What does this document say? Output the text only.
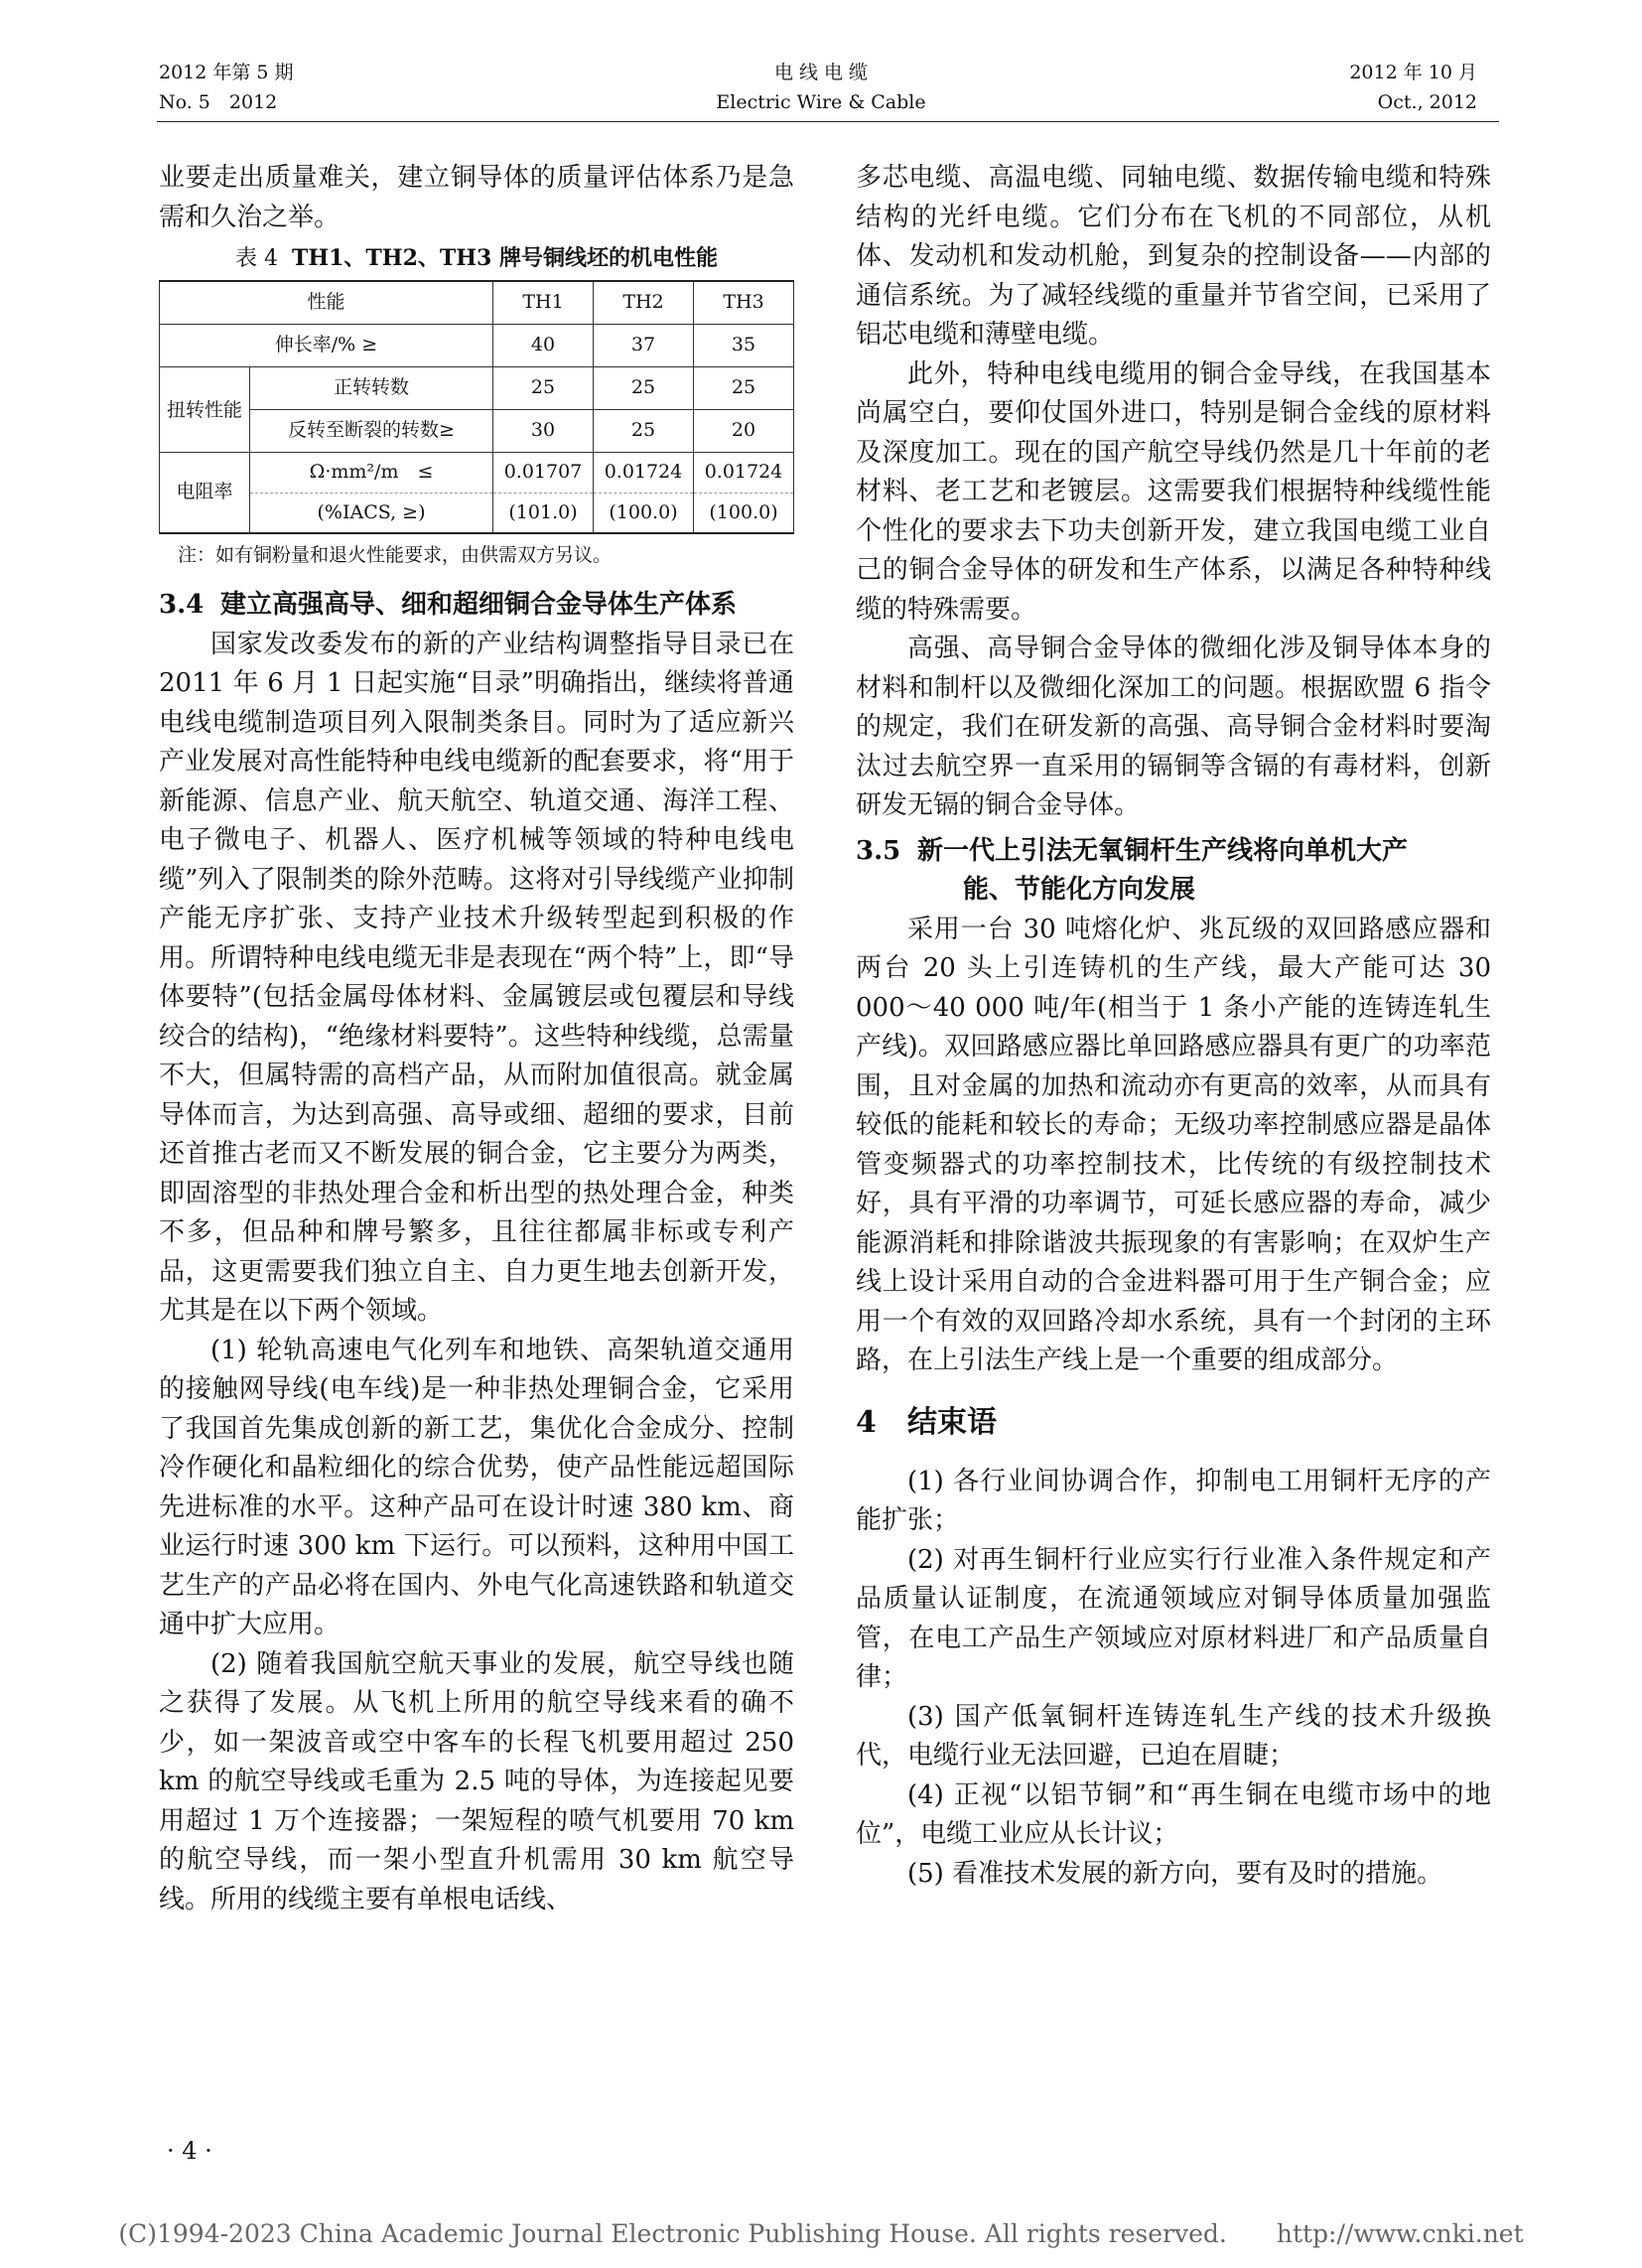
2012 年第 5 期
No. 5　2012
电 线 电 缆
Electric Wire & Cable
2012 年 10 月
Oct., 2012

业要走出质量难关，建立铜导体的质量评估体系乃是急需和久治之举。

表 4 TH1、TH2、TH3 牌号铜线坯的机电性能
性能		TH1	TH2	TH3
伸长率/% ≥		40	37	35
扭转性能	正转转数	25	25	25
	反转至断裂的转数≥	30	25	20
电阻率	Ω·mm²/m　≤	0.01707	0.01724	0.01724
	(%IACS, ≥)	(101.0)	(100.0)	(100.0)
注：如有铜粉量和退火性能要求，由供需双方另议。
3.4 建立高强高导、细和超细铜合金导体生产体系

国家发改委发布的新的产业结构调整指导目录已在 2011 年 6 月 1 日起实施“目录”明确指出，继续将普通电线电缆制造项目列入限制类条目。同时为了适应新兴产业发展对高性能特种电线电缆新的配套要求，将“用于新能源、信息产业、航天航空、轨道交通、海洋工程、电子微电子、机器人、医疗机械等领域的特种电线电缆”列入了限制类的除外范畴。这将对引导线缆产业抑制产能无序扩张、支持产业技术升级转型起到积极的作用。所谓特种电线电缆无非是表现在“两个特”上，即“导体要特”(包括金属母体材料、金属镀层或包覆层和导线绞合的结构)，“绝缘材料要特”。这些特种线缆，总需量不大，但属特需的高档产品，从而附加值很高。就金属导体而言，为达到高强、高导或细、超细的要求，目前还首推古老而又不断发展的铜合金，它主要分为两类，即固溶型的非热处理合金和析出型的热处理合金，种类不多，但品种和牌号繁多，且往往都属非标或专利产品，这更需要我们独立自主、自力更生地去创新开发，尤其是在以下两个领域。

(1) 轮轨高速电气化列车和地铁、高架轨道交通用的接触网导线(电车线)是一种非热处理铜合金，它采用了我国首先集成创新的新工艺，集优化合金成分、控制冷作硬化和晶粒细化的综合优势，使产品性能远超国际先进标准的水平。这种产品可在设计时速 380 km、商业运行时速 300 km 下运行。可以预料，这种用中国工艺生产的产品必将在国内、外电气化高速铁路和轨道交通中扩大应用。

(2) 随着我国航空航天事业的发展，航空导线也随之获得了发展。从飞机上所用的航空导线来看的确不少，如一架波音或空中客车的长程飞机要用超过 250 km 的航空导线或毛重为 2.5 吨的导体，为连接起见要用超过 1 万个连接器；一架短程的喷气机要用 70 km 的航空导线，而一架小型直升机需用 30 km 航空导线。所用的线缆主要有单根电话线、

多芯电缆、高温电缆、同轴电缆、数据传输电缆和特殊结构的光纤电缆。它们分布在飞机的不同部位，从机体、发动机和发动机舱，到复杂的控制设备——内部的通信系统。为了减轻线缆的重量并节省空间，已采用了铝芯电缆和薄壁电缆。

此外，特种电线电缆用的铜合金导线，在我国基本尚属空白，要仰仗国外进口，特别是铜合金线的原材料及深度加工。现在的国产航空导线仍然是几十年前的老材料、老工艺和老镀层。这需要我们根据特种线缆性能个性化的要求去下功夫创新开发，建立我国电缆工业自己的铜合金导体的研发和生产体系，以满足各种特种线缆的特殊需要。

高强、高导铜合金导体的微细化涉及铜导体本身的材料和制杆以及微细化深加工的问题。根据欧盟 6 指令的规定，我们在研发新的高强、高导铜合金材料时要淘汰过去航空界一直采用的镉铜等含镉的有毒材料，创新研发无镉的铜合金导体。

3.5 新一代上引法无氧铜杆生产线将向单机大产
能、节能化方向发展

采用一台 30 吨熔化炉、兆瓦级的双回路感应器和两台 20 头上引连铸机的生产线，最大产能可达 30 000～40 000 吨/年(相当于 1 条小产能的连铸连轧生产线)。双回路感应器比单回路感应器具有更广的功率范围，且对金属的加热和流动亦有更高的效率，从而具有较低的能耗和较长的寿命；无级功率控制感应器是晶体管变频器式的功率控制技术，比传统的有级控制技术好，具有平滑的功率调节，可延长感应器的寿命，减少能源消耗和排除谐波共振现象的有害影响；在双炉生产线上设计采用自动的合金进料器可用于生产铜合金；应用一个有效的双回路冷却水系统，具有一个封闭的主环路，在上引法生产线上是一个重要的组成部分。

4 结束语

(1) 各行业间协调合作，抑制电工用铜杆无序的产能扩张；

(2) 对再生铜杆行业应实行行业准入条件规定和产品质量认证制度，在流通领域应对铜导体质量加强监管，在电工产品生产领域应对原材料进厂和产品质量自律；

(3) 国产低氧铜杆连铸连轧生产线的技术升级换代，电缆行业无法回避，已迫在眉睫；

(4) 正视“以铝节铜”和“再生铜在电缆市场中的地位”，电缆工业应从长计议；

(5) 看准技术发展的新方向，要有及时的措施。

· 4 ·
(C)1994-2023 China Academic Journal Electronic Publishing House. All rights reserved.　　http://www.cnki.net
